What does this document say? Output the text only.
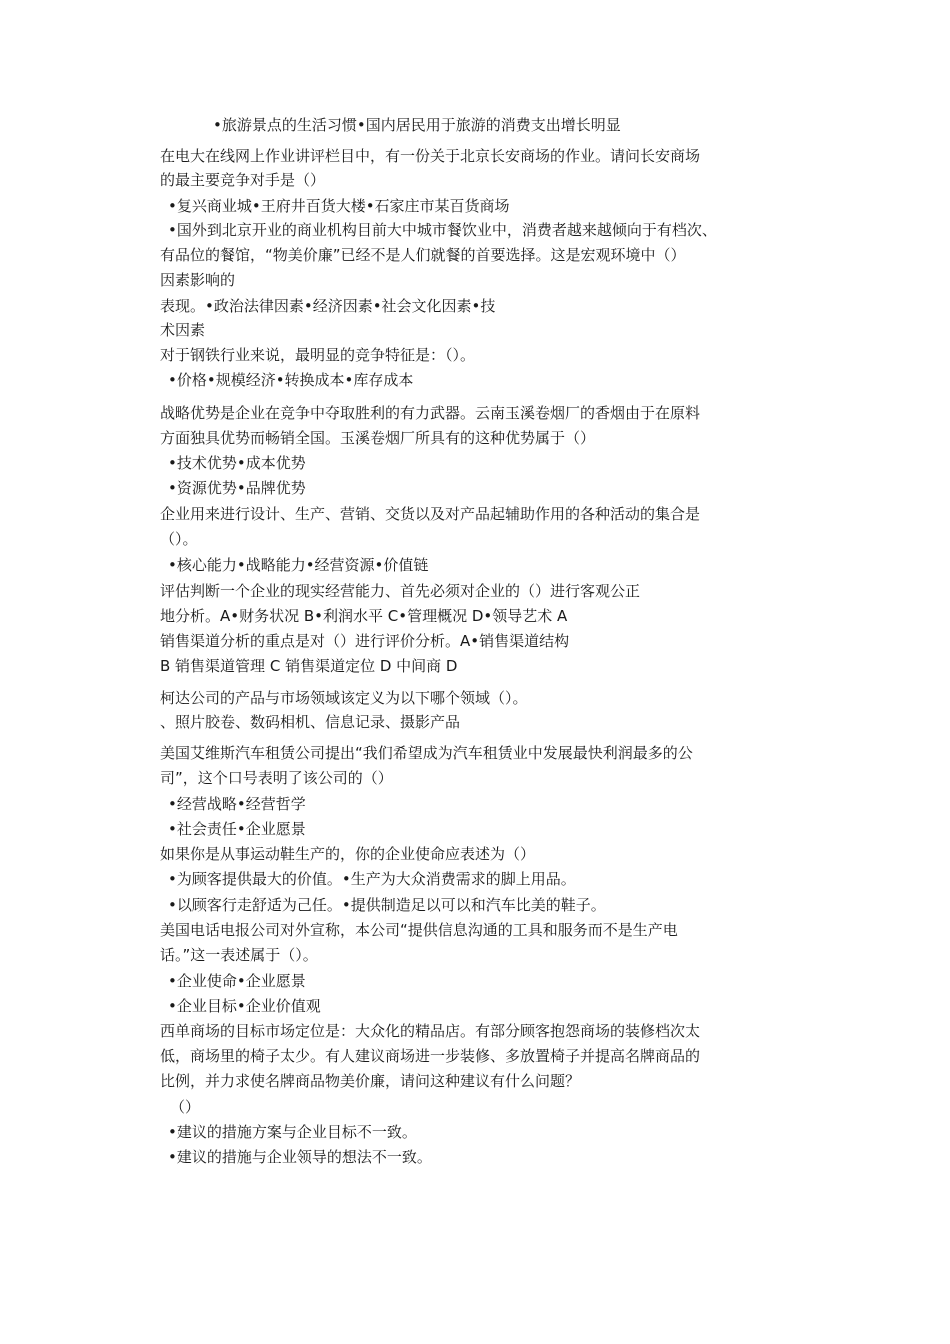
•旅游景点的生活习惯•国内居民用于旅游的消费支出增长明显
在电大在线网上作业讲评栏目中，有一份关于北京长安商场的作业。请问长安商场
的最主要竞争对手是（）
•复兴商业城•王府井百货大楼•石家庄市某百货商场
•国外到北京开业的商业机构目前大中城市餐饮业中，消费者越来越倾向于有档次、
有品位的餐馆，“物美价廉”已经不是人们就餐的首要选择。这是宏观环境中（）
因素影响的
表现。•政治法律因素•经济因素•社会文化因素•技
术因素
对于钢铁行业来说，最明显的竞争特征是：（）。
•价格•规模经济•转换成本•库存成本
战略优势是企业在竞争中夺取胜利的有力武器。云南玉溪卷烟厂的香烟由于在原料
方面独具优势而畅销全国。玉溪卷烟厂所具有的这种优势属于（）
•技术优势•成本优势
•资源优势•品牌优势
企业用来进行设计、生产、营销、交货以及对产品起辅助作用的各种活动的集合是
（）。
•核心能力•战略能力•经营资源•价值链
评估判断一个企业的现实经营能力、首先必须对企业的（）进行客观公正
地分析。A•财务状况 B•利润水平 C•管理概况 D•领导艺术 A
销售渠道分析的重点是对（）进行评价分析。A•销售渠道结构
B 销售渠道管理 C 销售渠道定位 D 中间商 D
柯达公司的产品与市场领域该定义为以下哪个领域（）。
、照片胶卷、数码相机、信息记录、摄影产品
美国艾维斯汽车租赁公司提出“我们希望成为汽车租赁业中发展最快利润最多的公
司”，这个口号表明了该公司的（）
•经营战略•经营哲学
•社会责任•企业愿景
如果你是从事运动鞋生产的，你的企业使命应表述为（）
•为顾客提供最大的价值。•生产为大众消费需求的脚上用品。
•以顾客行走舒适为己任。•提供制造足以可以和汽车比美的鞋子。
美国电话电报公司对外宣称，本公司“提供信息沟通的工具和服务而不是生产电
话。”这一表述属于（）。
•企业使命•企业愿景
•企业目标•企业价值观
西单商场的目标市场定位是：大众化的精品店。有部分顾客抱怨商场的装修档次太
低，商场里的椅子太少。有人建议商场进一步装修、多放置椅子并提高名牌商品的
比例，并力求使名牌商品物美价廉，请问这种建议有什么问题？
（）
•建议的措施方案与企业目标不一致。
•建议的措施与企业领导的想法不一致。
